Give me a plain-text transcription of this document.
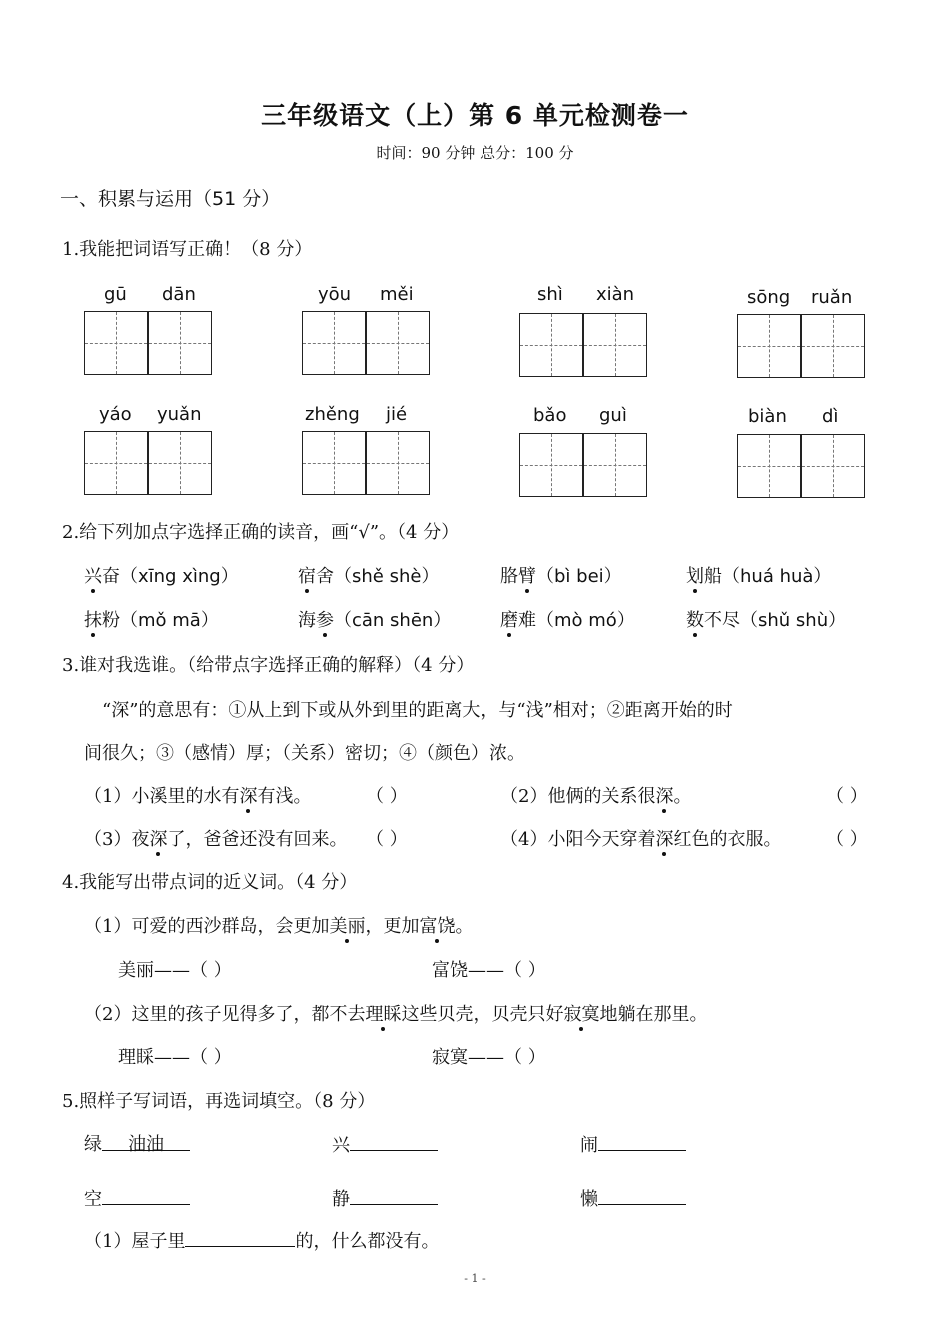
三年级语文（上）第 6 单元检测卷一
时间：90 分钟 总分：100 分
一、积累与运用（51 分）
1.我能把词语写正确！（8 分）
gū dān	yōu měi	shì xiàn	sōng ruǎn
yáo yuǎn	zhěng jié	bǎo guì	biàn dì
2.给下列加点字选择正确的读音，画“√”。（4 分）
兴奋（xīng xìng）	宿舍（shě shè）	胳臂（bì bei）	划船（huá huà）
抹粉（mǒ mā）	海参（cān shēn）	磨难（mò mó）	数不尽（shǔ shù）
3.谁对我选谁。（给带点字选择正确的解释）（4 分）
“深”的意思有：①从上到下或从外到里的距离大，与“浅”相对；②距离开始的时
间很久；③（感情）厚；（关系）密切；④（颜色）浓。
（1）小溪里的水有深有浅。	（ ）	（2）他俩的关系很深。	（ ）
（3）夜深了，爸爸还没有回来。 （ ）	（4）小阳今天穿着深红色的衣服。 （ ）
4.我能写出带点词的近义词。（4 分）
（1）可爱的西沙群岛，会更加美丽，更加富饶。
美丽——（ ）	富饶——（ ）
（2）这里的孩子见得多了，都不去理睬这些贝壳，贝壳只好寂寞地躺在那里。
理睬——（ ）	寂寞——（ ）
5.照样子写词语，再选词填空。（8 分）
绿 油油	兴	闹
空	静	懒
（1）屋子里	的，什么都没有。
- 1 -
